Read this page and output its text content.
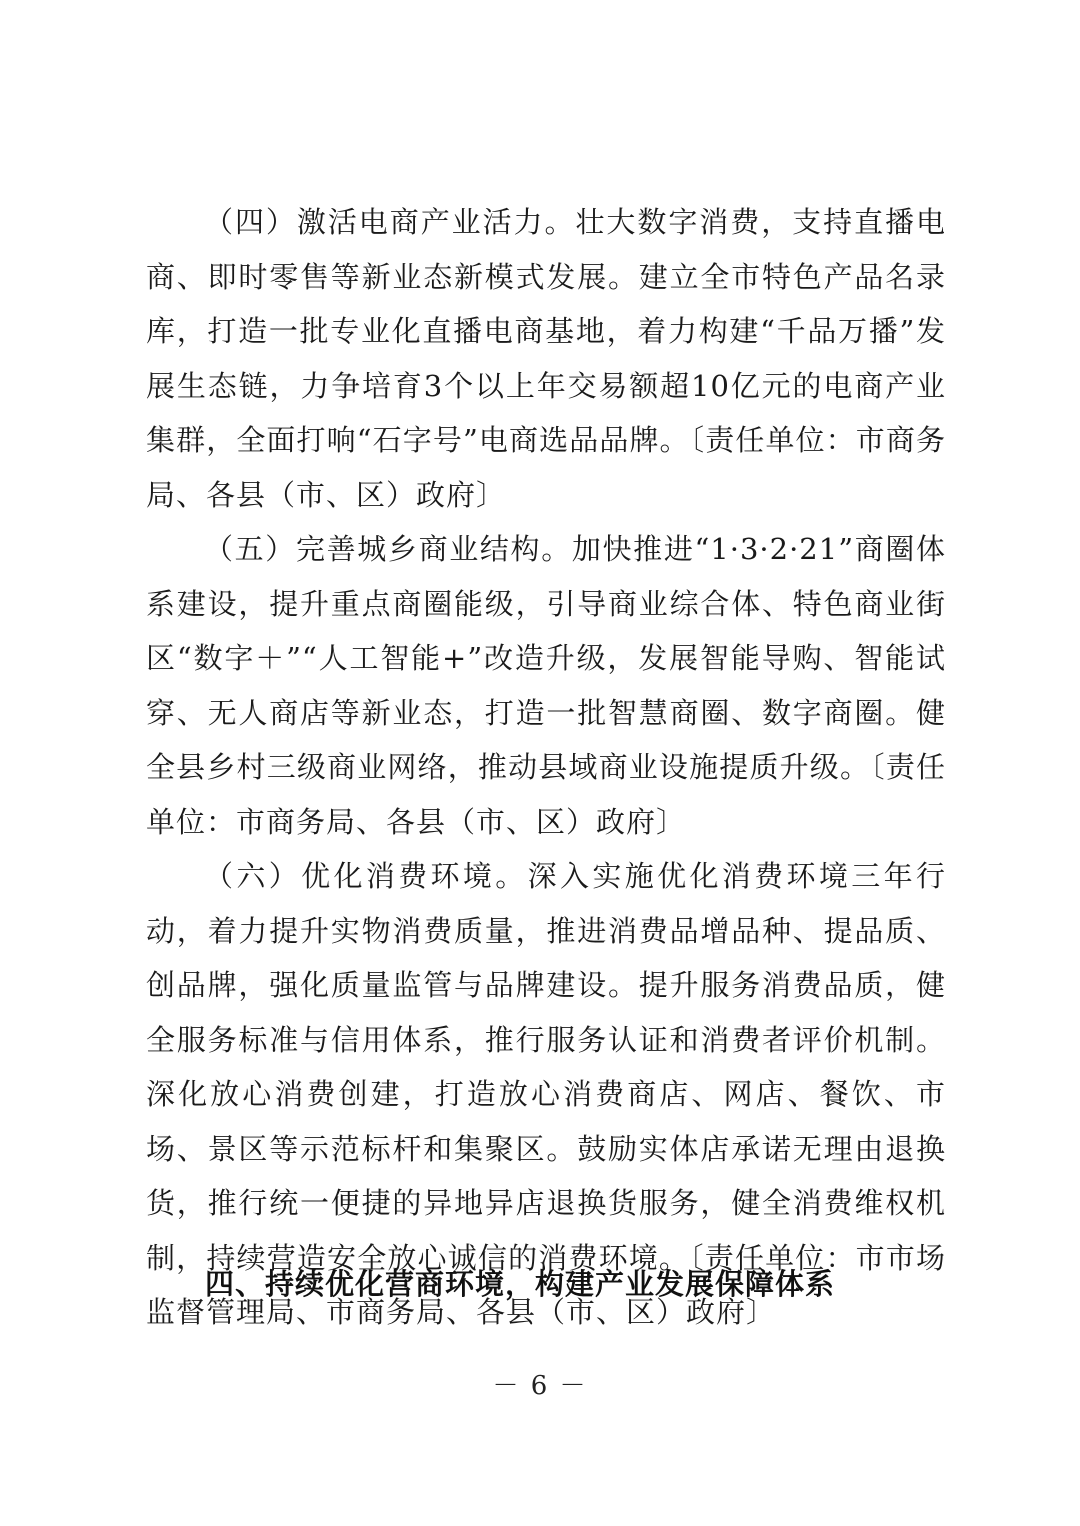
（四）激活电商产业活力。壮大数字消费，支持直播电商、即时零售等新业态新模式发展。建立全市特色产品名录库，打造一批专业化直播电商基地，着力构建“千品万播”发展生态链，力争培育3个以上年交易额超10亿元的电商产业集群，全面打响“石字号”电商选品品牌。〔责任单位：市商务局、各县（市、区）政府〕

（五）完善城乡商业结构。加快推进“1·3·2·21”商圈体系建设，提升重点商圈能级，引导商业综合体、特色商业街区“数字＋”“人工智能+”改造升级，发展智能导购、智能试穿、无人商店等新业态，打造一批智慧商圈、数字商圈。健全县乡村三级商业网络，推动县域商业设施提质升级。〔责任单位：市商务局、各县（市、区）政府〕

（六）优化消费环境。深入实施优化消费环境三年行动，着力提升实物消费质量，推进消费品增品种、提品质、创品牌，强化质量监管与品牌建设。提升服务消费品质，健全服务标准与信用体系，推行服务认证和消费者评价机制。深化放心消费创建，打造放心消费商店、网店、餐饮、市场、景区等示范标杆和集聚区。鼓励实体店承诺无理由退换货，推行统一便捷的异地异店退换货服务，健全消费维权机制，持续营造安全放心诚信的消费环境。〔责任单位：市市场监督管理局、市商务局、各县（市、区）政府〕

四、持续优化营商环境，构建产业发展保障体系
－ 6 －
